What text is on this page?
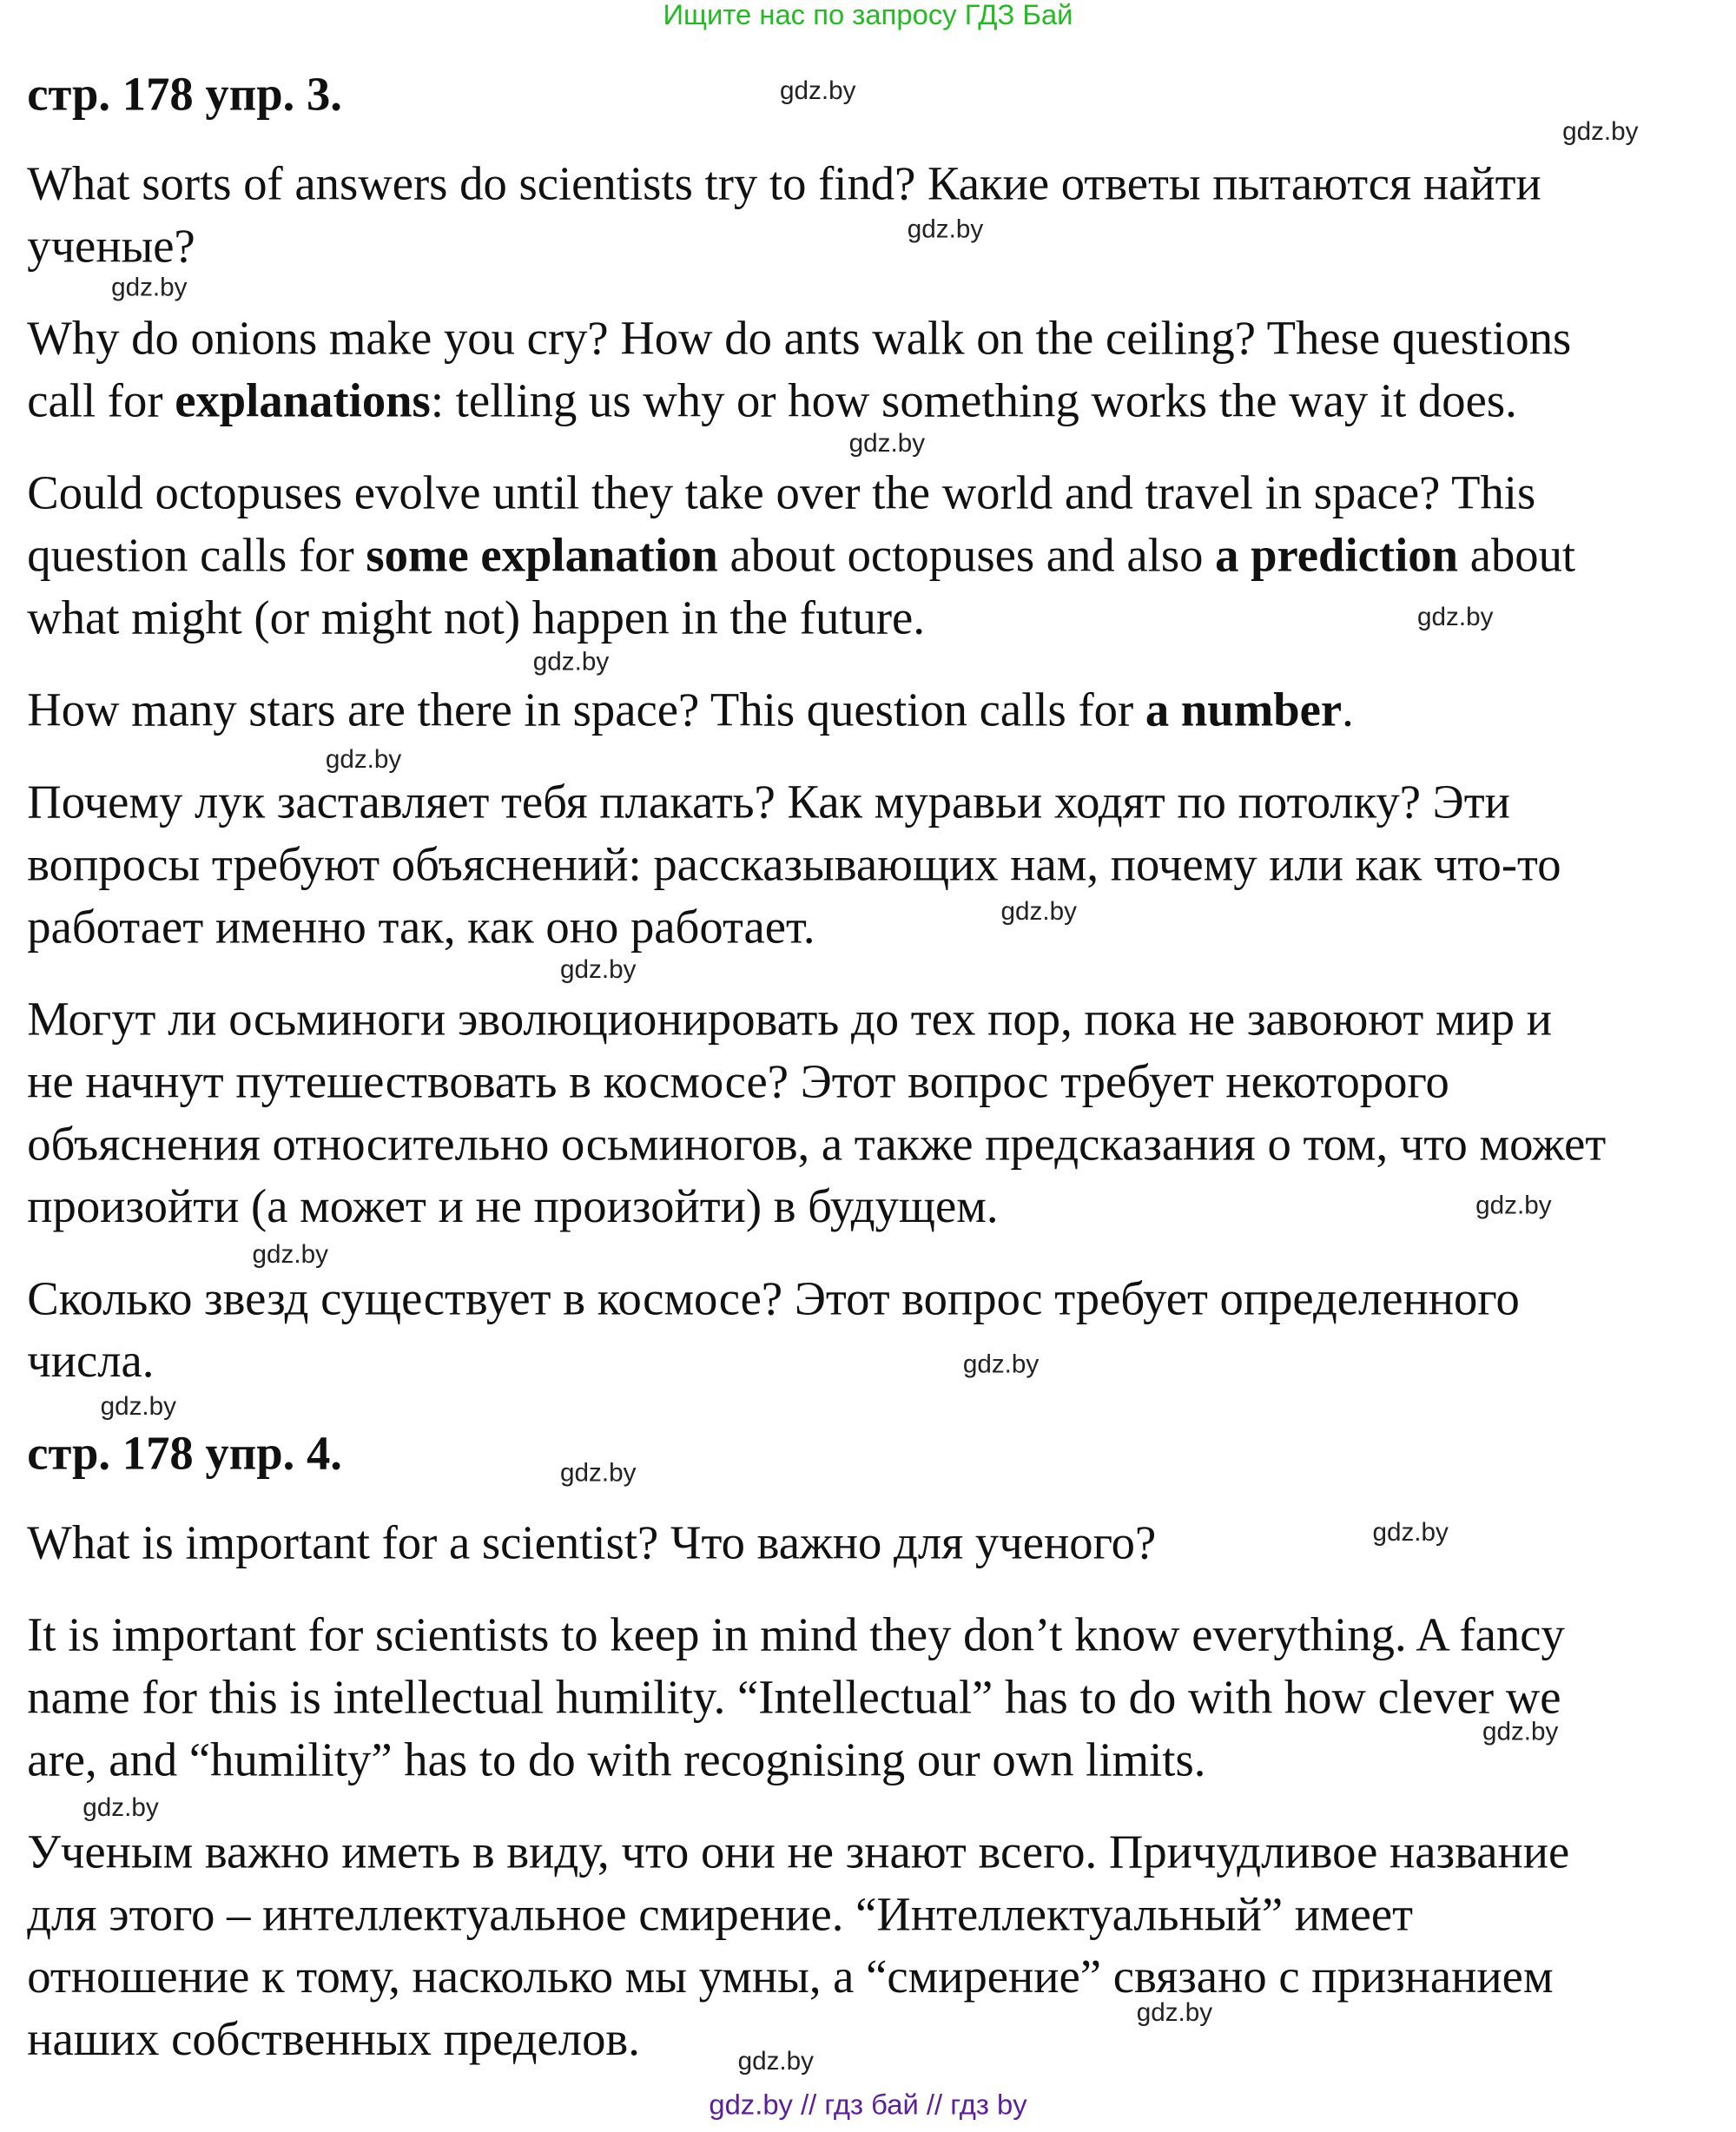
Ищите нас по запросу ГДЗ Бай
стр. 178 упр. 3.
What sorts of answers do scientists try to find? Какие ответы пытаются найти
ученые?
Why do onions make you cry? How do ants walk on the ceiling? These questions
call for explanations: telling us why or how something works the way it does.
Could octopuses evolve until they take over the world and travel in space? This
question calls for some explanation about octopuses and also a prediction about
what might (or might not) happen in the future.
How many stars are there in space? This question calls for a number.
Почему лук заставляет тебя плакать? Как муравьи ходят по потолку? Эти
вопросы требуют объяснений: рассказывающих нам, почему или как что-то
работает именно так, как оно работает.
Могут ли осьминоги эволюционировать до тех пор, пока не завоюют мир и
не начнут путешествовать в космосе? Этот вопрос требует некоторого
объяснения относительно осьминогов, а также предсказания о том, что может
произойти (а может и не произойти) в будущем.
Сколько звезд существует в космосе? Этот вопрос требует определенного
числа.
стр. 178 упр. 4.
What is important for a scientist? Что важно для ученого?
It is important for scientists to keep in mind they don’t know everything. A fancy
name for this is intellectual humility. “Intellectual” has to do with how clever we
are, and “humility” has to do with recognising our own limits.
Ученым важно иметь в виду, что они не знают всего. Причудливое название
для этого – интеллектуальное смирение. “Интеллектуальный” имеет
отношение к тому, насколько мы умны, а “смирение” связано с признанием
наших собственных пределов.
gdz.by
gdz.by
gdz.by
gdz.by
gdz.by
gdz.by
gdz.by
gdz.by
gdz.by
gdz.by
gdz.by
gdz.by
gdz.by
gdz.by
gdz.by
gdz.by
gdz.by
gdz.by
gdz.by
gdz.by
gdz.by // гдз бай // гдз by
